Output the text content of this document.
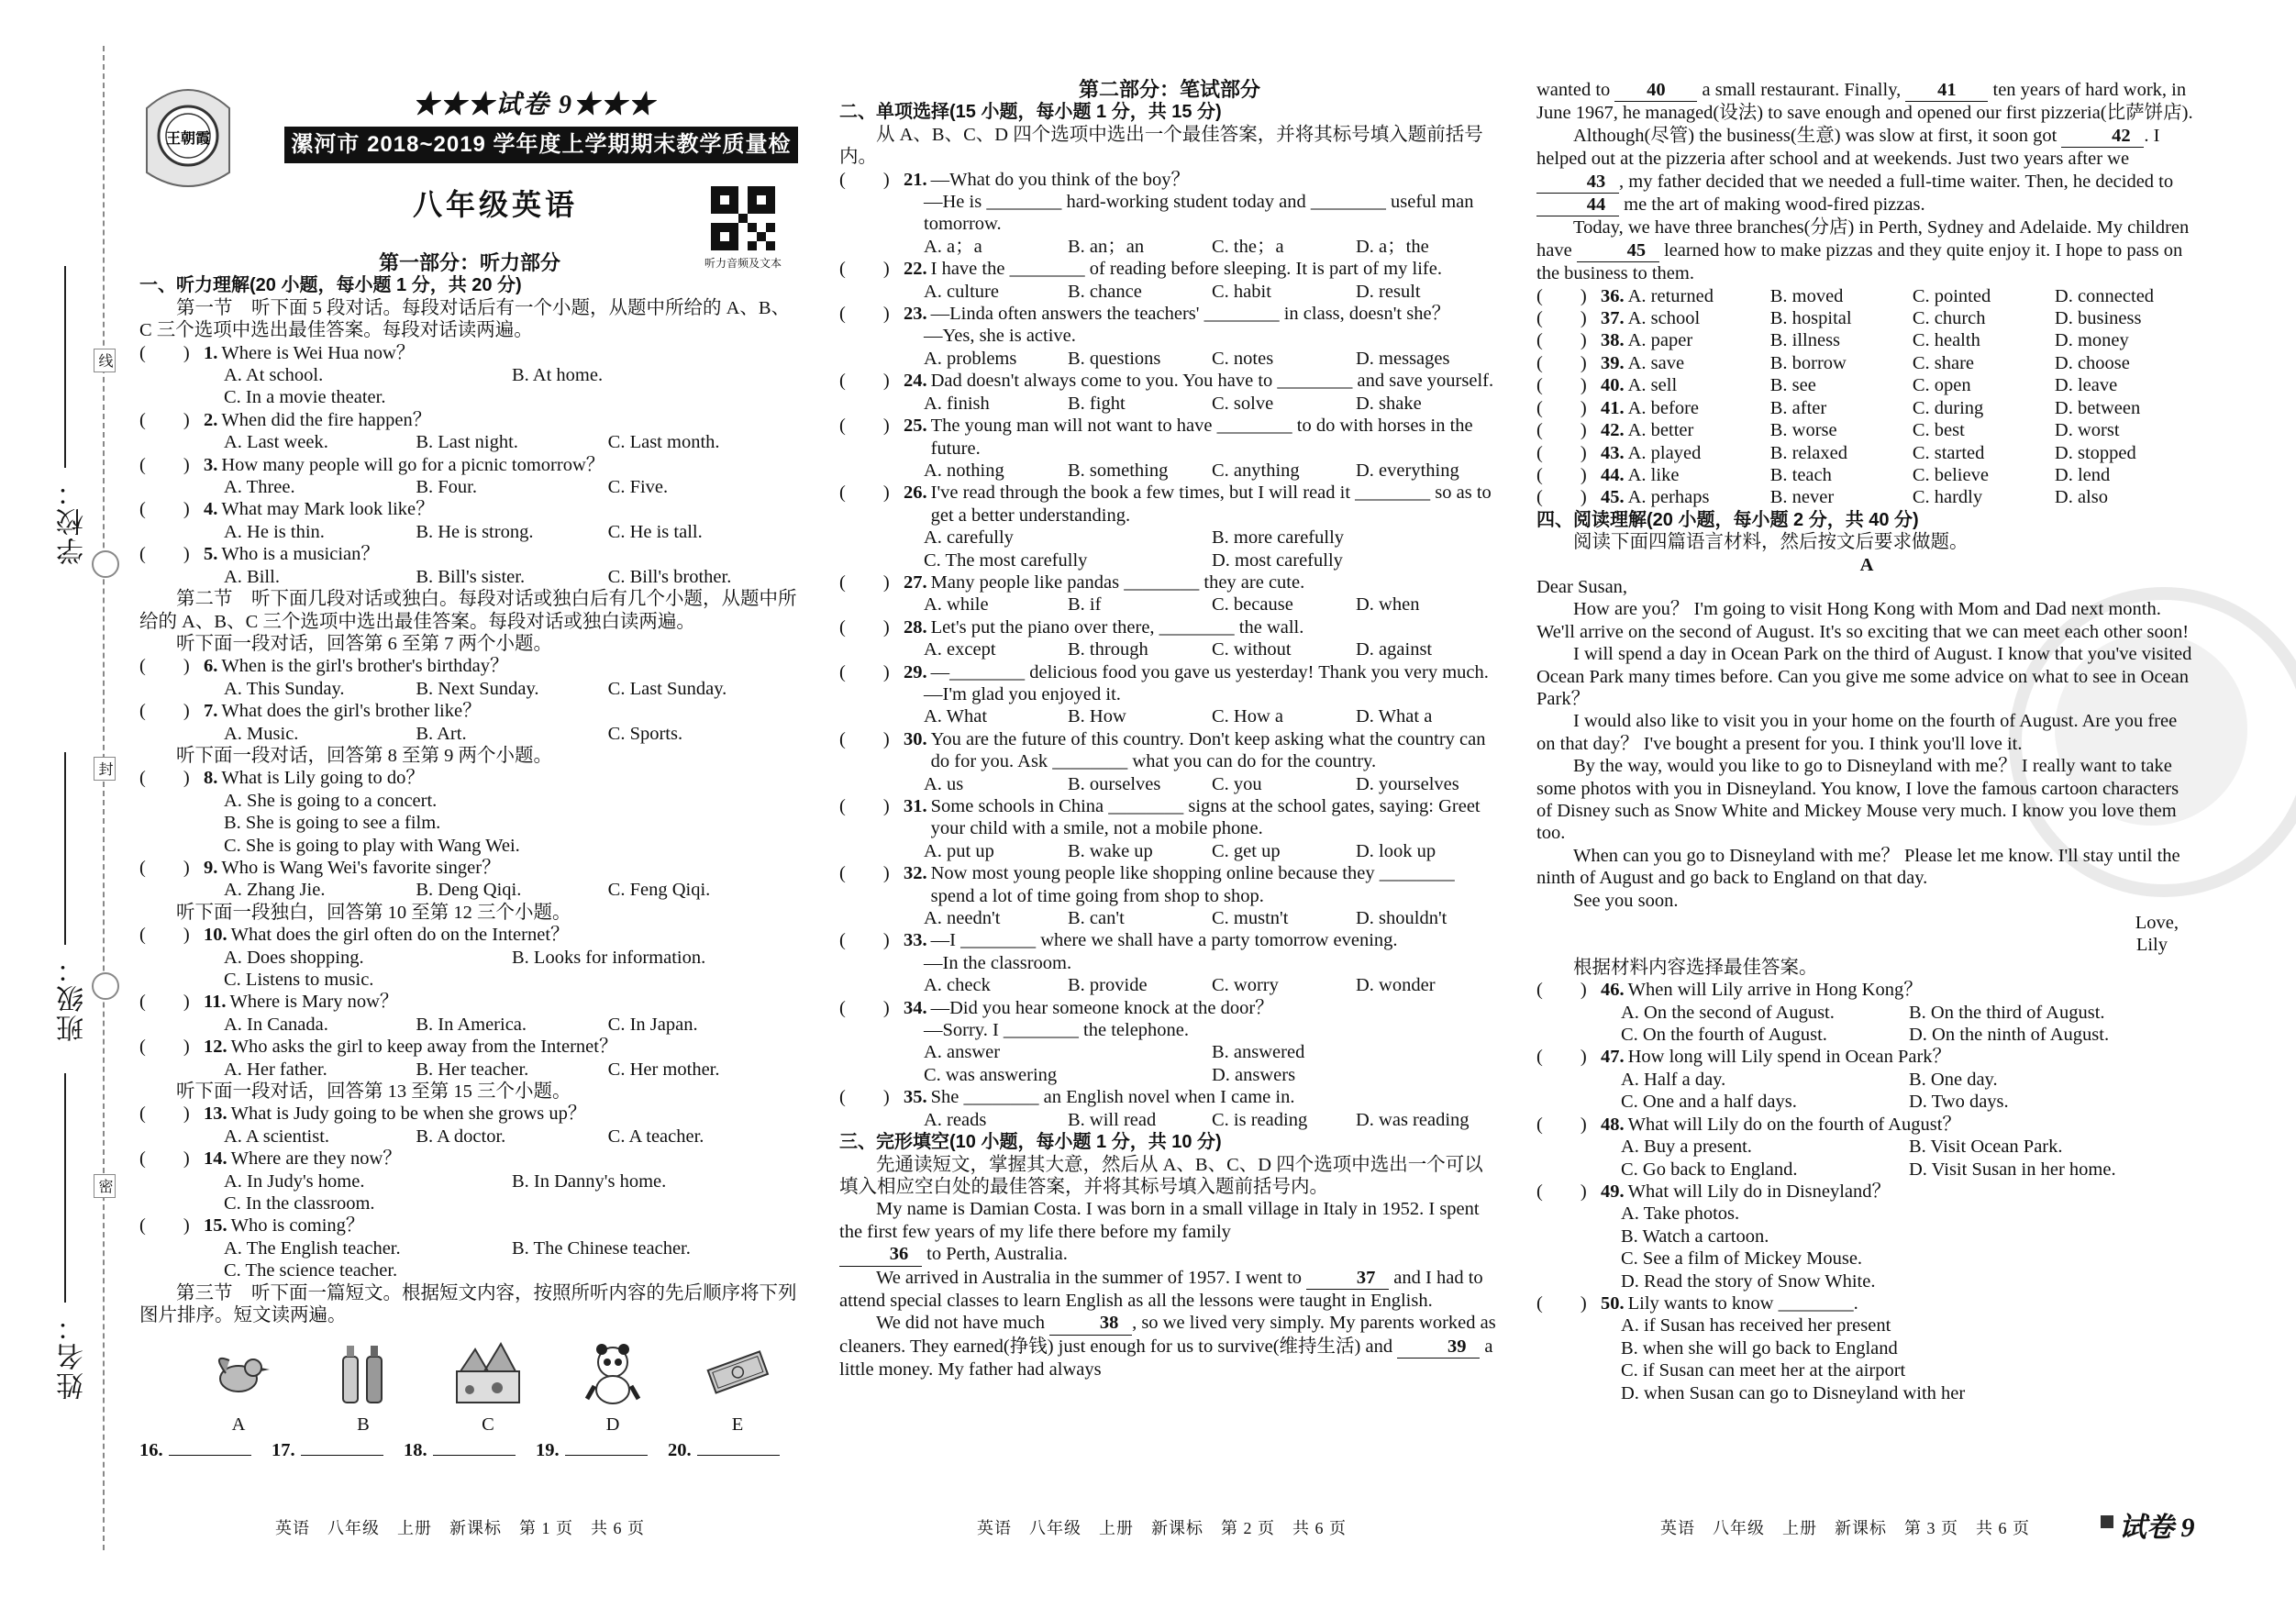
学校：
班级：
姓名：
线
封
密
王朝霞
★★★试卷 9★★★
漯河市 2018~2019 学年度上学期期末教学质量检测
八年级英语
听力音频及文本

第一部分：听力部分

一、听力理解(20 小题，每小题 1 分，共 20 分)

第一节　听下面 5 段对话。每段对话后有一个小题，从题中所给的 A、B、C 三个选项中选出最佳答案。每段对话读两遍。

(　　) 1. Where is Wei Hua now？
A. At school.	B. At home.
C. In a movie theater.
(　　) 2. When did the fire happen？
A. Last week.	B. Last night.	C. Last month.
(　　) 3. How many people will go for a picnic tomorrow？
A. Three.	B. Four.	C. Five.
(　　) 4. What may Mark look like？
A. He is thin.	B. He is strong.	C. He is tall.
(　　) 5. Who is a musician？
A. Bill.	B. Bill's sister.	C. Bill's brother.

第二节　听下面几段对话或独白。每段对话或独白后有几个小题，从题中所给的 A、B、C 三个选项中选出最佳答案。每段对话或独白读两遍。

听下面一段对话，回答第 6 至第 7 两个小题。

(　　) 6. When is the girl's brother's birthday？
A. This Sunday.	B. Next Sunday.	C. Last Sunday.
(　　) 7. What does the girl's brother like？
A. Music.	B. Art.	C. Sports.

听下面一段对话，回答第 8 至第 9 两个小题。

(　　) 8. What is Lily going to do？
A. She is going to a concert.
B. She is going to see a film.
C. She is going to play with Wang Wei.
(　　) 9. Who is Wang Wei's favorite singer？
A. Zhang Jie.	B. Deng Qiqi.	C. Feng Qiqi.

听下面一段独白，回答第 10 至第 12 三个小题。

(　　) 10. What does the girl often do on the Internet？
A. Does shopping.	B. Looks for information.
C. Listens to music.
(　　) 11. Where is Mary now？
A. In Canada.	B. In America.	C. In Japan.
(　　) 12. Who asks the girl to keep away from the Internet？
A. Her father.	B. Her teacher.	C. Her mother.

听下面一段对话，回答第 13 至第 15 三个小题。

(　　) 13. What is Judy going to be when she grows up？
A. A scientist.	B. A doctor.	C. A teacher.
(　　) 14. Where are they now？
A. In Judy's home.	B. In Danny's home.
C. In the classroom.
(　　) 15. Who is coming？
A. The English teacher.	B. The Chinese teacher.
C. The science teacher.

第三节　听下面一篇短文。根据短文内容，按照所听内容的先后顺序将下列图片排序。短文读两遍。

A	B	C	D	E
16.	17.	18.	19.	20.

第二部分：笔试部分

二、单项选择(15 小题，每小题 1 分，共 15 分)

从 A、B、C、D 四个选项中选出一个最佳答案，并将其标号填入题前括号内。

(　　) 21. —What do you think of the boy？
—He is ________ hard-working student today and ________ useful man tomorrow.
A. a；a	B. an；an	C. the；a	D. a；the
(　　) 22. I have the ________ of reading before sleeping. It is part of my life.
A. culture	B. chance	C. habit	D. result
(　　) 23. —Linda often answers the teachers' ________ in class, doesn't she？
—Yes, she is active.
A. problems	B. questions	C. notes	D. messages
(　　) 24. Dad doesn't always come to you. You have to ________ and save yourself.
A. finish	B. fight	C. solve	D. shake
(　　) 25. The young man will not want to have ________ to do with horses in the future.
A. nothing	B. something	C. anything	D. everything
(　　) 26. I've read through the book a few times, but I will read it ________ so as to get a better understanding.
A. carefully	B. more carefully
C. The most carefully	D. most carefully
(　　) 27. Many people like pandas ________ they are cute.
A. while	B. if	C. because	D. when
(　　) 28. Let's put the piano over there, ________ the wall.
A. except	B. through	C. without	D. against
(　　) 29. —________ delicious food you gave us yesterday! Thank you very much.
—I'm glad you enjoyed it.
A. What	B. How	C. How a	D. What a
(　　) 30. You are the future of this country. Don't keep asking what the country can do for you. Ask ________ what you can do for the country.
A. us	B. ourselves	C. you	D. yourselves
(　　) 31. Some schools in China ________ signs at the school gates, saying: Greet your child with a smile, not a mobile phone.
A. put up	B. wake up	C. get up	D. look up
(　　) 32. Now most young people like shopping online because they ________ spend a lot of time going from shop to shop.
A. needn't	B. can't	C. mustn't	D. shouldn't
(　　) 33. —I ________ where we shall have a party tomorrow evening.
—In the classroom.
A. check	B. provide	C. worry	D. wonder
(　　) 34. —Did you hear someone knock at the door？
—Sorry. I ________ the telephone.
A. answer	B. answered
C. was answering	D. answers
(　　) 35. She ________ an English novel when I came in.
A. reads	B. will read	C. is reading	D. was reading

三、完形填空(10 小题，每小题 1 分，共 10 分)

先通读短文，掌握其大意，然后从 A、B、C、D 四个选项中选出一个可以填入相应空白处的最佳答案，并将其标号填入题前括号内。

My name is Damian Costa. I was born in a small village in Italy in 1952. I spent the first few years of my life there before my family
36 to Perth, Australia.

We arrived in Australia in the summer of 1957. I went to	37 and I had to attend special classes to learn English as all the lessons were taught in English.

We did not have much	38 , so we lived very simply. My parents worked as cleaners. They earned(挣钱) just enough for us to survive(维持生活) and	39 a little money. My father had always

wanted to 40 a small restaurant. Finally, 41 ten years of hard work, in June 1967, he managed(设法) to save enough and opened our first pizzeria(比萨饼店).

Although(尽管) the business(生意) was slow at first, it soon got	42 . I helped out at the pizzeria after school and at weekends. Just two years after we 43 , my father decided that we needed a full-time waiter. Then, he decided to 44 me the art of making wood-fired pizzas.

Today, we have three branches(分店) in Perth, Sydney and Adelaide. My children have	45 learned how to make pizzas and they quite enjoy it. I hope to pass on the business to them.

(　　) 36. A. returned	B. moved	C. pointed	D. connected
(　　) 37. A. school	B. hospital	C. church	D. business
(　　) 38. A. paper	B. illness	C. health	D. money
(　　) 39. A. save	B. borrow	C. share	D. choose
(　　) 40. A. sell	B. see	C. open	D. leave
(　　) 41. A. before	B. after	C. during	D. between
(　　) 42. A. better	B. worse	C. best	D. worst
(　　) 43. A. played	B. relaxed	C. started	D. stopped
(　　) 44. A. like	B. teach	C. believe	D. lend
(　　) 45. A. perhaps	B. never	C. hardly	D. also

四、阅读理解(20 小题，每小题 2 分，共 40 分)

阅读下面四篇语言材料，然后按文后要求做题。

A

Dear Susan,

How are you？ I'm going to visit Hong Kong with Mom and Dad next month. We'll arrive on the second of August. It's so exciting that we can meet each other soon!

I will spend a day in Ocean Park on the third of August. I know that you've visited Ocean Park many times before. Can you give me some advice on what to see in Ocean Park？

I would also like to visit you in your home on the fourth of August. Are you free on that day？ I've bought a present for you. I think you'll love it.

By the way, would you like to go to Disneyland with me？ I really want to take some photos with you in Disneyland. You know, I love the famous cartoon characters of Disney such as Snow White and Mickey Mouse very much. I know you love them too.

When can you go to Disneyland with me？ Please let me know. I'll stay until the ninth of August and go back to England on that day.

See you soon.

Love,

Lily

根据材料内容选择最佳答案。

(　　) 46. When will Lily arrive in Hong Kong？
A. On the second of August.	B. On the third of August.
C. On the fourth of August.	D. On the ninth of August.
(　　) 47. How long will Lily spend in Ocean Park？
A. Half a day.	B. One day.
C. One and a half days.	D. Two days.
(　　) 48. What will Lily do on the fourth of August？
A. Buy a present.	B. Visit Ocean Park.
C. Go back to England.	D. Visit Susan in her home.
(　　) 49. What will Lily do in Disneyland？
A. Take photos.
B. Watch a cartoon.
C. See a film of Mickey Mouse.
D. Read the story of Snow White.
(　　) 50. Lily wants to know ________.
A. if Susan has received her present
B. when she will go back to England
C. if Susan can meet her at the airport
D. when Susan can go to Disneyland with her
英语　八年级　上册　新课标　第 1 页　共 6 页	英语　八年级　上册　新课标　第 2 页　共 6 页	英语　八年级　上册　新课标　第 3 页　共 6 页	试卷 9
